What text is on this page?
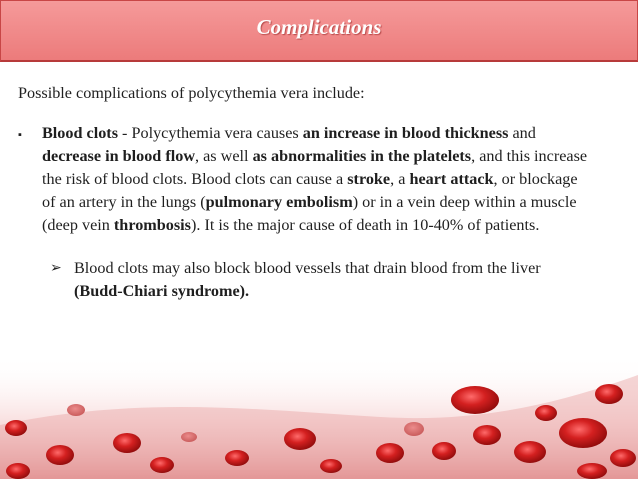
Complications

Possible complications of polycythemia vera include:

▪	Blood clots - Polycythemia vera causes an increase in blood thickness and decrease in blood flow, as well as abnormalities in the platelets, and this increase the risk of blood clots. Blood clots can cause a stroke, a heart attack, or blockage of an artery in the lungs (pulmonary embolism) or in a vein deep within a muscle (deep vein thrombosis). It is the major cause of death in 10-40% of patients.
➢ Blood clots may also block blood vessels that drain blood from the liver (Budd-Chiari syndrome).
